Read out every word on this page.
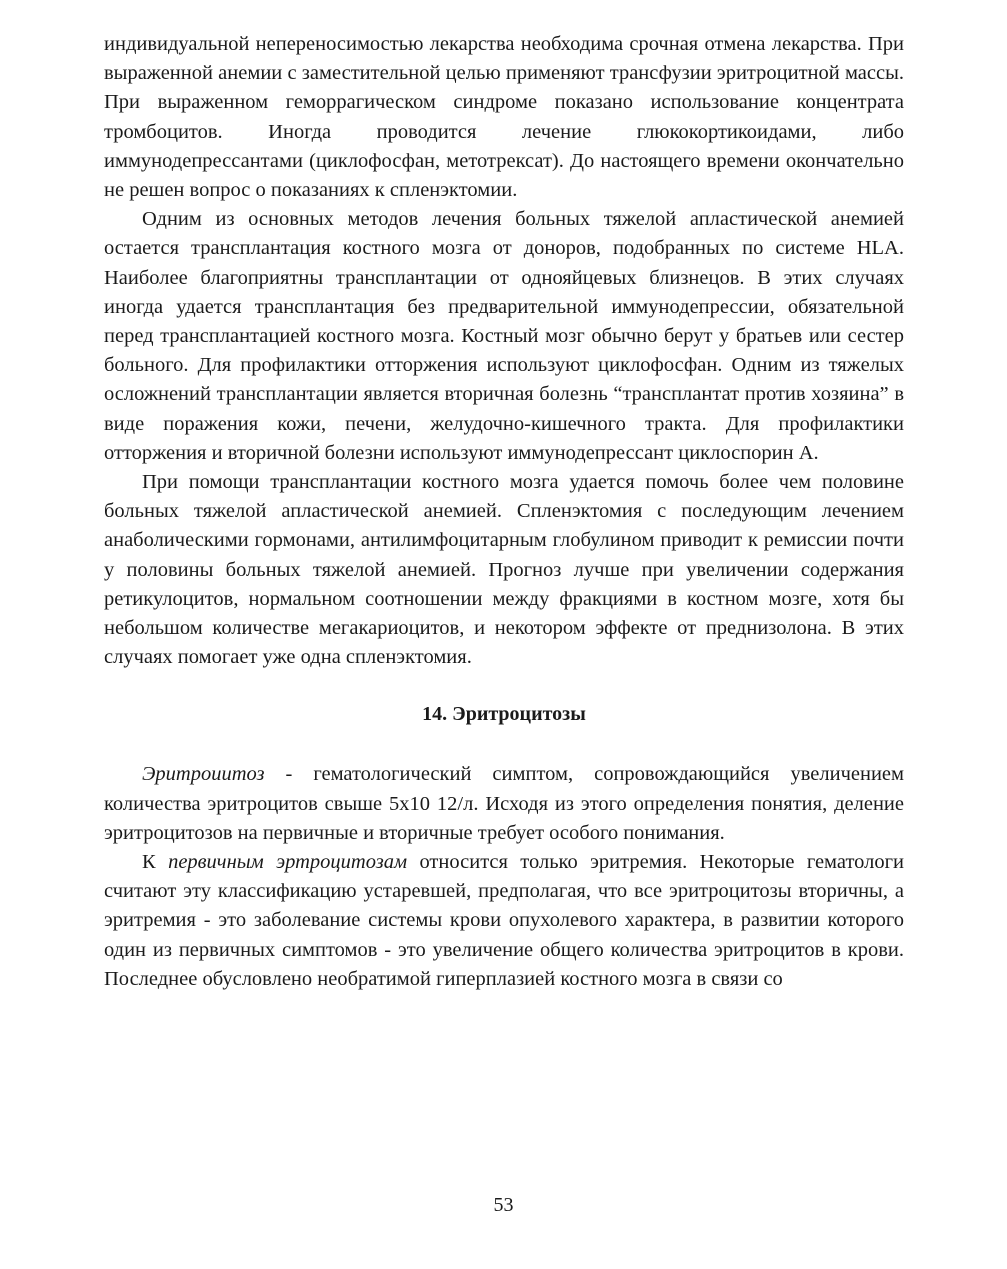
индивидуальной непереносимостью лекарства необходима срочная отмена лекарства. При выраженной анемии с заместительной целью применяют трансфузии эритроцитной массы. При выраженном геморрагическом синдроме показано использование концентрата тромбоцитов. Иногда проводится лечение глюкокортикоидами, либо иммунодепрессантами (циклофосфан, метотрексат). До настоящего времени окончательно не решен вопрос о показаниях к спленэктомии.

Одним из основных методов лечения больных тяжелой апластической анемией остается трансплантация костного мозга от доноров, подобранных по системе HLA. Наиболее благоприятны трансплантации от однояйцевых близнецов. В этих случаях иногда удается трансплантация без предварительной иммунодепрессии, обязательной перед трансплантацией костного мозга. Костный мозг обычно берут у братьев или сестер больного. Для профилактики отторжения используют циклофосфан. Одним из тяжелых осложнений трансплантации является вторичная болезнь “трансплантат против хозяина” в виде поражения кожи, печени, желудочно-кишечного тракта. Для профилактики отторжения и вторичной болезни используют иммунодепрессант циклоспорин А.

При помощи трансплантации костного мозга удается помочь более чем половине больных тяжелой апластической анемией. Спленэктомия с последующим лечением анаболическими гормонами, антилимфоцитарным глобулином приводит к ремиссии почти у половины больных тяжелой анемией. Прогноз лучше при увеличении содержания ретикулоцитов, нормальном соотношении между фракциями в костном мозге, хотя бы небольшом количестве мегакариоцитов, и некотором эффекте от преднизолона. В этих случаях помогает уже одна спленэктомия.

14. Эритроцитозы

Эритроиитоз - гематологический симптом, сопровождающийся увеличением количества эритроцитов свыше 5x10 12/л. Исходя из этого определения понятия, деление эритроцитозов на первичные и вторичные требует особого понимания.

К первичным эртроцитозам относится только эритремия. Некоторые гематологи считают эту классификацию устаревшей, предполагая, что все эритроцитозы вторичны, а эритремия - это заболевание системы крови опухолевого характера, в развитии которого один из первичных симптомов - это увеличение общего количества эритроцитов в крови. Последнее обусловлено необратимой гиперплазией костного мозга в связи со

53
